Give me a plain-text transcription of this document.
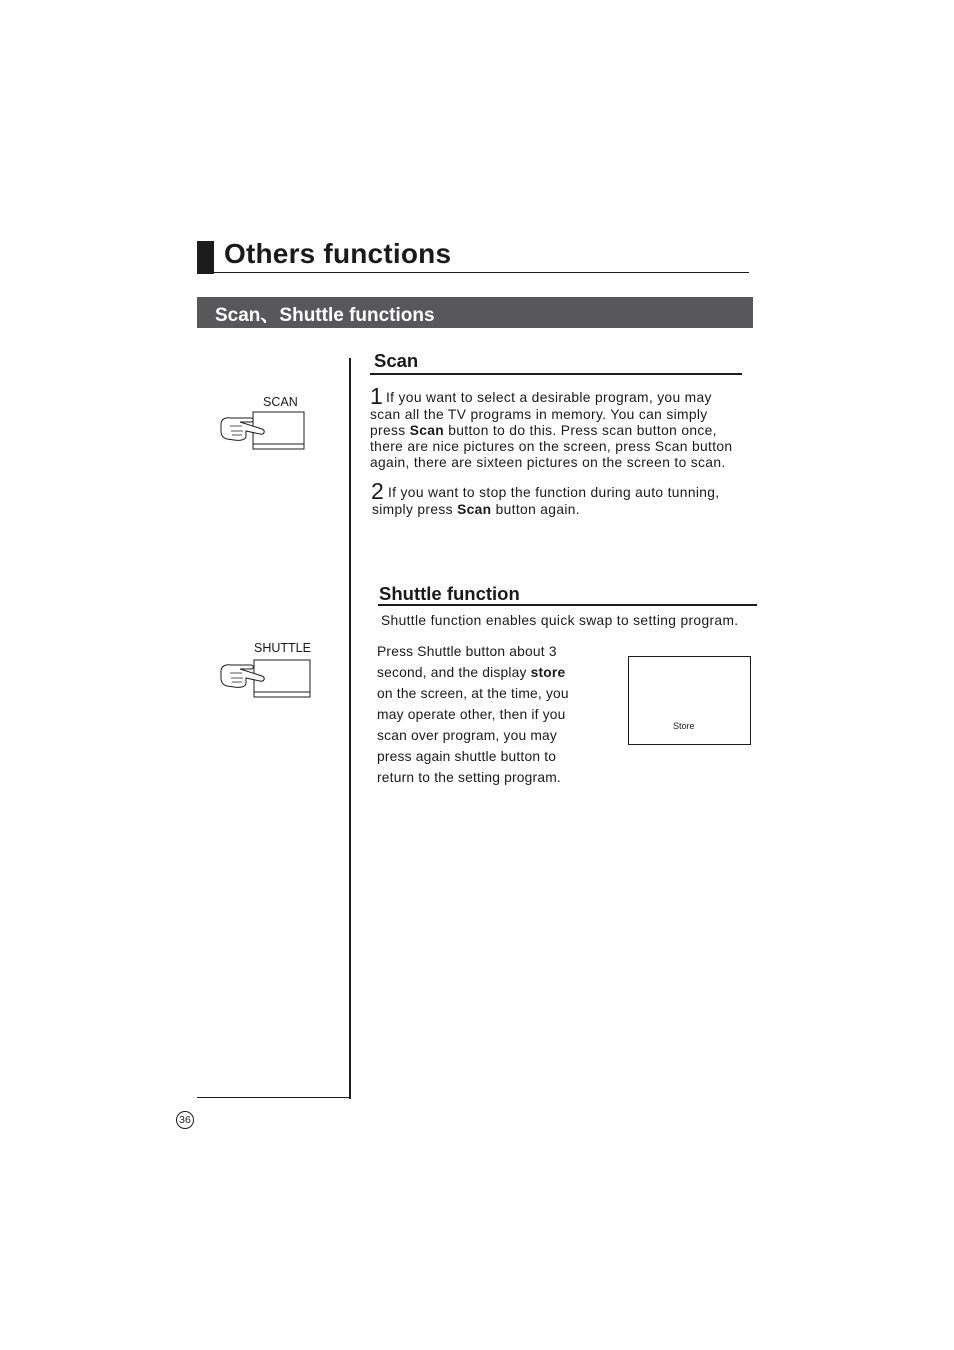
Others functions
Scan、Shuttle functions
SCAN
SHUTTLE
Scan
1 If you want to select a desirable program, you may
scan all the TV programs in memory. You can simply
press Scan button to do this. Press scan button once,
there are nice pictures on the screen, press Scan button
again, there are sixteen pictures on the screen to scan.
2 If you want to stop the function during auto tunning,
simply press Scan button again.
Shuttle function
Shuttle function enables quick swap to setting program.
Press Shuttle button about 3
second, and the display store
on the screen, at the time, you
may operate other, then if you
scan over program, you may
press again shuttle button to
return to the setting program.
Store
36
